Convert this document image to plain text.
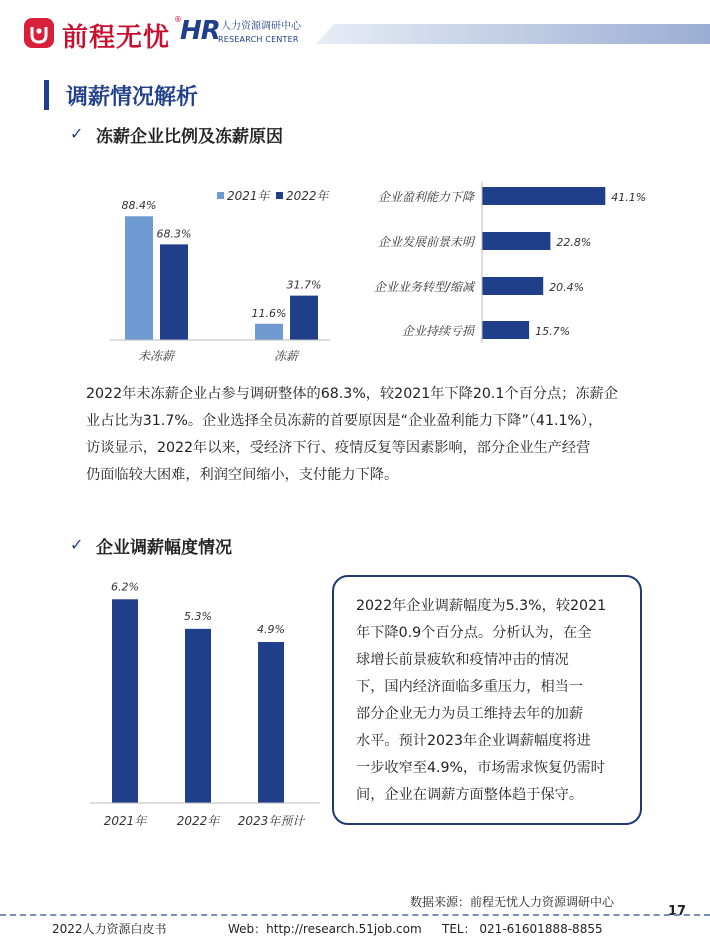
前程无忧
®
HR 人力资源调研中心
RESEARCH CENTER
调薪情况解析
✓ 冻薪企业比例及冻薪原因
88.4%
68.3%
未冻薪
11.6%
31.7%
冻薪
2021年 2022年	企业盈利能力下降	41.1%
企业发展前景未明	22.8%
企业业务转型/缩减	20.4%
企业持续亏损	15.7%

2022年未冻薪企业占参与调研整体的68.3%，较2021年下降20.1个百分点；冻薪企

业占比为31.7%。企业选择全员冻薪的首要原因是“企业盈利能力下降”（41.1%），

访谈显示，2022年以来，受经济下行、疫情反复等因素影响，部分企业生产经营

仍面临较大困难，利润空间缩小，支付能力下降。

✓ 企业调薪幅度情况
6.2%
2021年
5.3%
2022年
4.9%
2023年预计
2022年企业调薪幅度为5.3%，较2021
年下降0.9个百分点。分析认为，在全
球增长前景疲软和疫情冲击的情况
下，国内经济面临多重压力，相当一
部分企业无力为员工维持去年的加薪
水平。预计2023年企业调薪幅度将进
一步收窄至4.9%，市场需求恢复仍需时
间，企业在调薪方面整体趋于保守。
数据来源：前程无忧人力资源调研中心
17
2022人力资源白皮书	Web：http://research.51job.com TEL： 021-61601888-8855
